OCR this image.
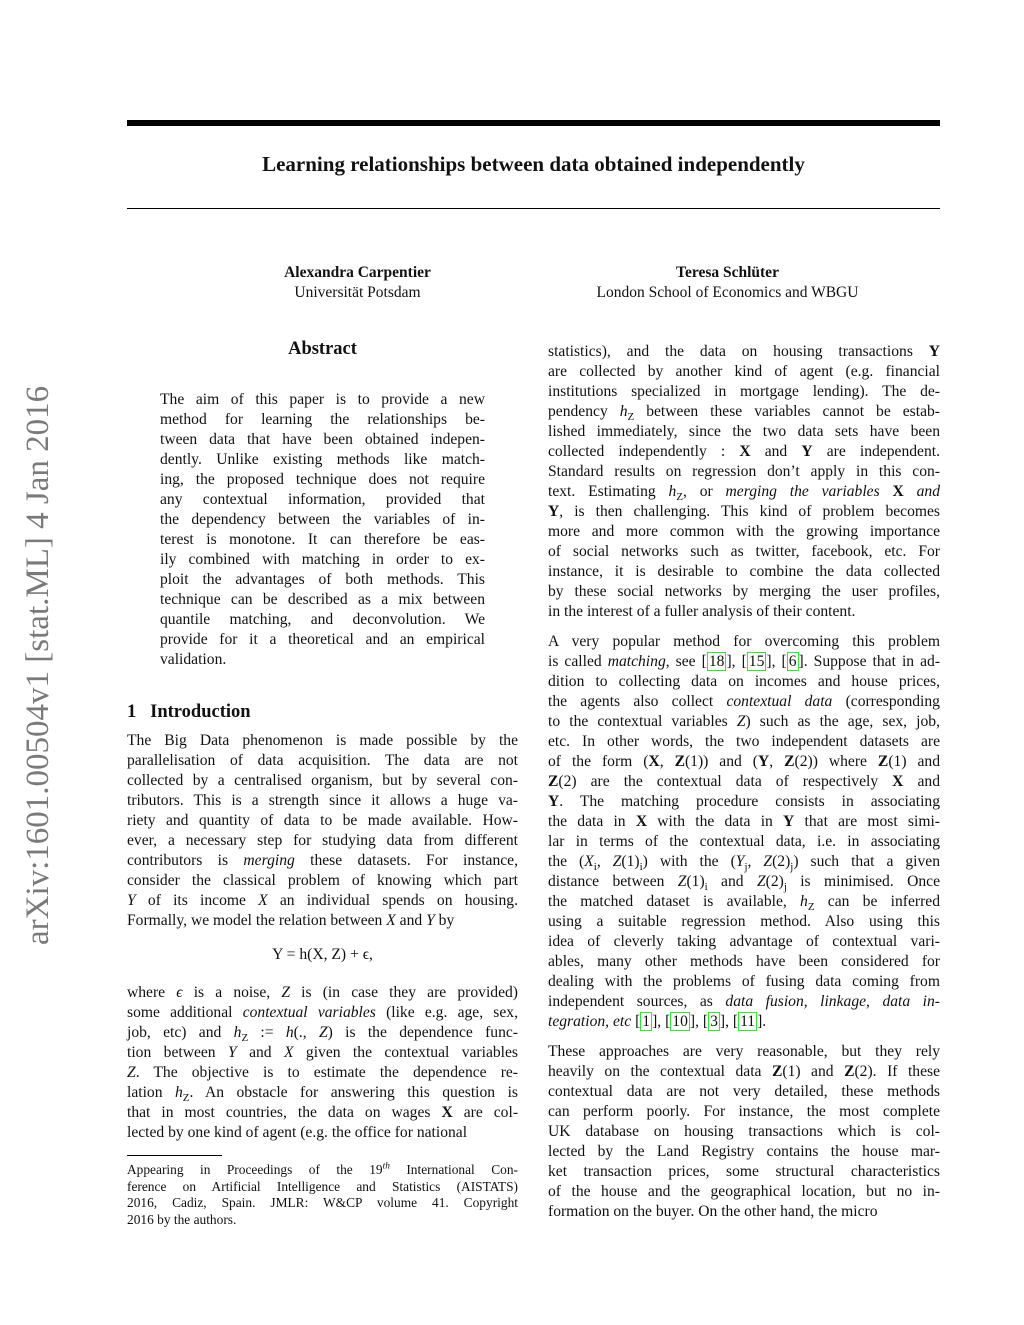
arXiv:1601.00504v1 [stat.ML] 4 Jan 2016
Learning relationships between data obtained independently
Alexandra Carpentier
Universität Potsdam
Teresa Schlüter
London School of Economics and WBGU
Abstract
The aim of this paper is to provide a new
method for learning the relationships be-
tween data that have been obtained indepen-
dently. Unlike existing methods like match-
ing, the proposed technique does not require
any contextual information, provided that
the dependency between the variables of in-
terest is monotone. It can therefore be eas-
ily combined with matching in order to ex-
ploit the advantages of both methods. This
technique can be described as a mix between
quantile matching, and deconvolution. We
provide for it a theoretical and an empirical
validation.
1   Introduction
The Big Data phenomenon is made possible by the
parallelisation of data acquisition. The data are not
collected by a centralised organism, but by several con-
tributors. This is a strength since it allows a huge va-
riety and quantity of data to be made available. How-
ever, a necessary step for studying data from different
contributors is merging these datasets. For instance,
consider the classical problem of knowing which part
Y of its income X an individual spends on housing.
Formally, we model the relation between X and Y by
Y = h(X, Z) + ϵ,
where ϵ is a noise, Z is (in case they are provided)
some additional contextual variables (like e.g. age, sex,
job, etc) and $h_Z$ := h(., Z) is the dependence func-
tion between Y and X given the contextual variables
Z. The objective is to estimate the dependence re-
lation $h_Z$. An obstacle for answering this question is
that in most countries, the data on wages X are col-
lected by one kind of agent (e.g. the office for national
Appearing in Proceedings of the 19th International Con-
ference on Artificial Intelligence and Statistics (AISTATS)
2016, Cadiz, Spain. JMLR: W&CP volume 41. Copyright
2016 by the authors.
statistics), and the data on housing transactions Y
are collected by another kind of agent (e.g. financial
institutions specialized in mortgage lending). The de-
pendency $h_Z$ between these variables cannot be estab-
lished immediately, since the two data sets have been
collected independently : X and Y are independent.
Standard results on regression don’t apply in this con-
text. Estimating $h_Z$, or merging the variables X and
Y, is then challenging. This kind of problem becomes
more and more common with the growing importance
of social networks such as twitter, facebook, etc. For
instance, it is desirable to combine the data collected
by these social networks by merging the user profiles,
in the interest of a fuller analysis of their content.
A very popular method for overcoming this problem
is called matching, see [ 18 ], [ 15 ], [ 6 ]. Suppose that in ad-
dition to collecting data on incomes and house prices,
the agents also collect contextual data (corresponding
to the contextual variables Z) such as the age, sex, job,
etc. In other words, the two independent datasets are
of the form (X, Z(1)) and (Y, Z(2)) where Z(1) and
Z(2) are the contextual data of respectively X and
Y. The matching procedure consists in associating
the data in X with the data in Y that are most simi-
lar in terms of the contextual data, i.e. in associating
the ($X_i$, $Z(1)_i$) with the ($Y_j$, $Z(2)_j$) such that a given
distance between $Z(1)_i$ and $Z(2)_j$ is minimised. Once
the matched dataset is available, $h_Z$ can be inferred
using a suitable regression method. Also using this
idea of cleverly taking advantage of contextual vari-
ables, many other methods have been considered for
dealing with the problems of fusing data coming from
independent sources, as data fusion, linkage, data in-
tegration, etc [ 1 ], [ 10 ], [ 3 ], [ 11 ].
These approaches are very reasonable, but they rely
heavily on the contextual data Z(1) and Z(2). If these
contextual data are not very detailed, these methods
can perform poorly. For instance, the most complete
UK database on housing transactions which is col-
lected by the Land Registry contains the house mar-
ket transaction prices, some structural characteristics
of the house and the geographical location, but no in-
formation on the buyer. On the other hand, the micro
